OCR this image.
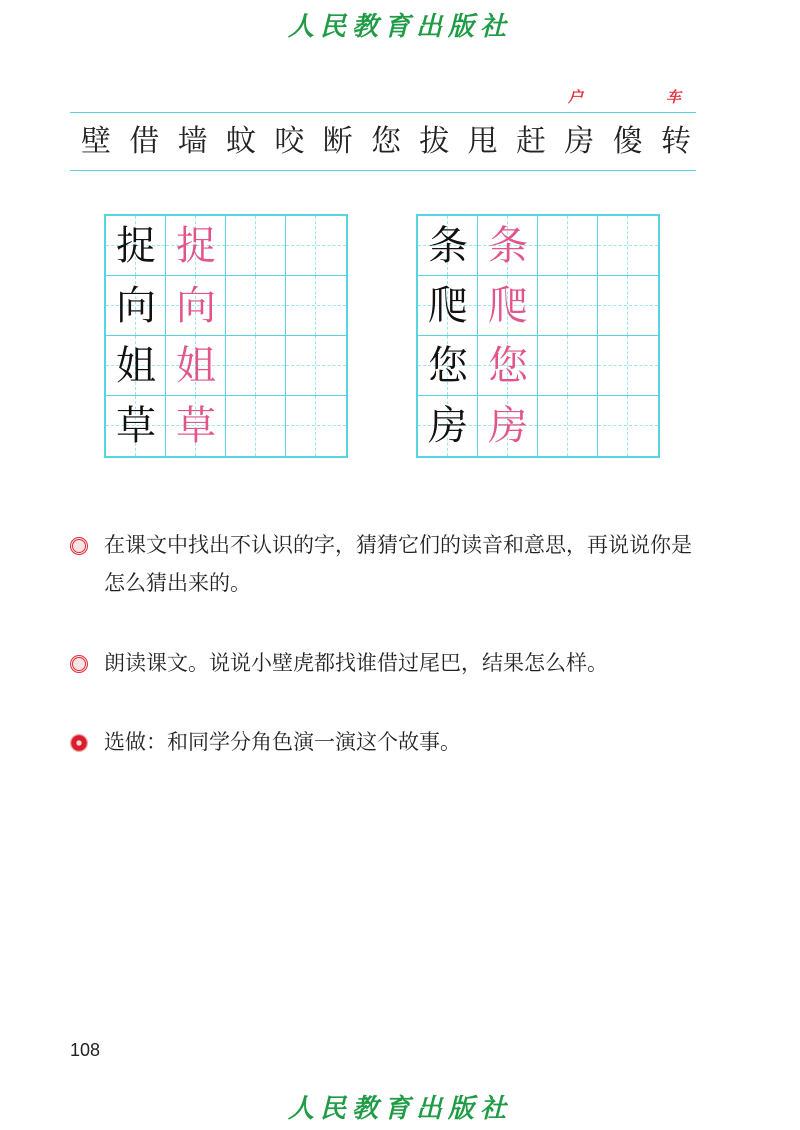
人民教育出版社
户	车
壁 借 墙 蚊 咬 断 您 拔 甩 赶 房 傻 转
捉 捉
向 向
姐 姐
草 草
条 条
爬 爬
您 您
房 房
在课文中找出不认识的字，猜猜它们的读音和意思，再说说你是怎么猜出来的。
朗读课文。说说小壁虎都找谁借过尾巴，结果怎么样。
选做：和同学分角色演一演这个故事。
108
人民教育出版社
